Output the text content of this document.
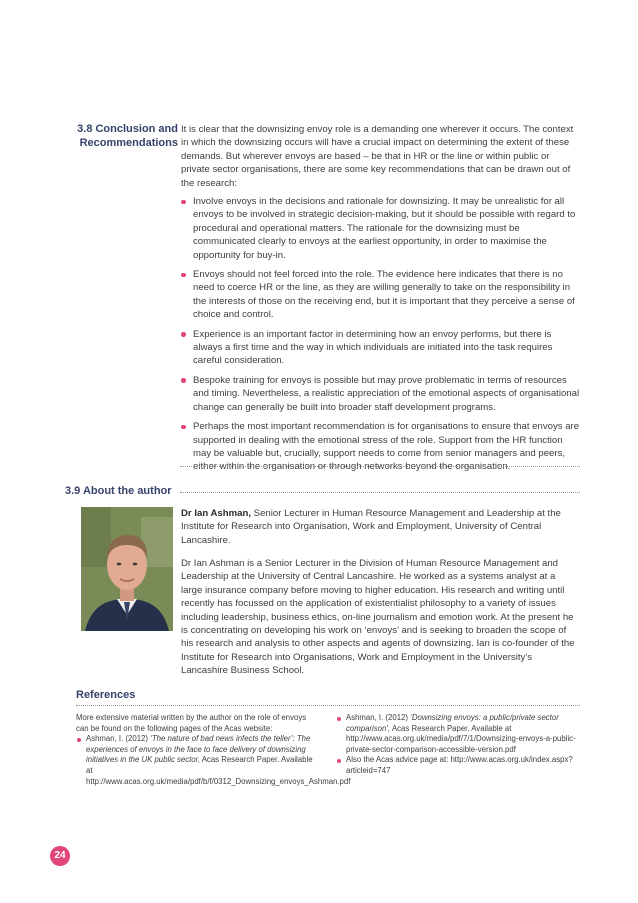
3.8 Conclusion and
Recommendations
It is clear that the downsizing envoy role is a demanding one wherever it occurs. The context in which the downsizing occurs will have a crucial impact on determining the extent of these demands. But wherever envoys are based – be that in HR or the line or within public or private sector organisations, there are some key recommendations that can be drawn out of the research:
Involve envoys in the decisions and rationale for downsizing. It may be unrealistic for all envoys to be involved in strategic decision-making, but it should be possible with regard to procedural and operational matters. The rationale for the downsizing must be communicated clearly to envoys at the earliest opportunity, in order to maximise the opportunity for buy-in.
Envoys should not feel forced into the role. The evidence here indicates that there is no need to coerce HR or the line, as they are willing generally to take on the responsibility in the interests of those on the receiving end, but it is important that they perceive a sense of choice and control.
Experience is an important factor in determining how an envoy performs, but there is always a first time and the way in which individuals are initiated into the task requires careful consideration.
Bespoke training for envoys is possible but may prove problematic in terms of resources and timing. Nevertheless, a realistic appreciation of the emotional aspects of organisational change can generally be built into broader staff development programs.
Perhaps the most important recommendation is for organisations to ensure that envoys are supported in dealing with the emotional stress of the role. Support from the HR function may be valuable but, crucially, support needs to come from senior managers and peers, either within the organisation or through networks beyond the organisation.
3.9 About the author
Dr Ian Ashman, Senior Lecturer in Human Resource Management and Leadership at the Institute for Research into Organisation, Work and Employment, University of Central Lancashire.
Dr Ian Ashman is a Senior Lecturer in the Division of Human Resource Management and Leadership at the University of Central Lancashire. He worked as a systems analyst at a large insurance company before moving to higher education. His research and writing until recently has focussed on the application of existentialist philosophy to a variety of issues including leadership, business ethics, on-line journalism and emotion work. At the present he is concentrating on developing his work on ‘envoys’ and is seeking to broaden the scope of his research and analysis to other aspects and agents of downsizing. Ian is co-founder of the Institute for Research into Organisations, Work and Employment in the University’s Lancashire Business School.
References
More extensive material written by the author on the role of envoys can be found on the following pages of the Acas website:
Ashman, I. (2012) ‘The nature of bad news infects the teller’: The experiences of envoys in the face to face delivery of downsizing initiatives in the UK public sector, Acas Research Paper. Available at http://www.acas.org.uk/media/pdf/b/f/0312_Downsizing_envoys_Ashman.pdf
Ashman, I. (2012) ‘Downsizing envoys: a public/private sector comparison’, Acas Research Paper. Available at http://www.acas.org.uk/media/pdf/7/1/Downsizing-envoys-a-public-private-sector-comparison-accessible-version.pdf
Also the Acas advice page at: http://www.acas.org.uk/index.aspx?articleid=747
24
